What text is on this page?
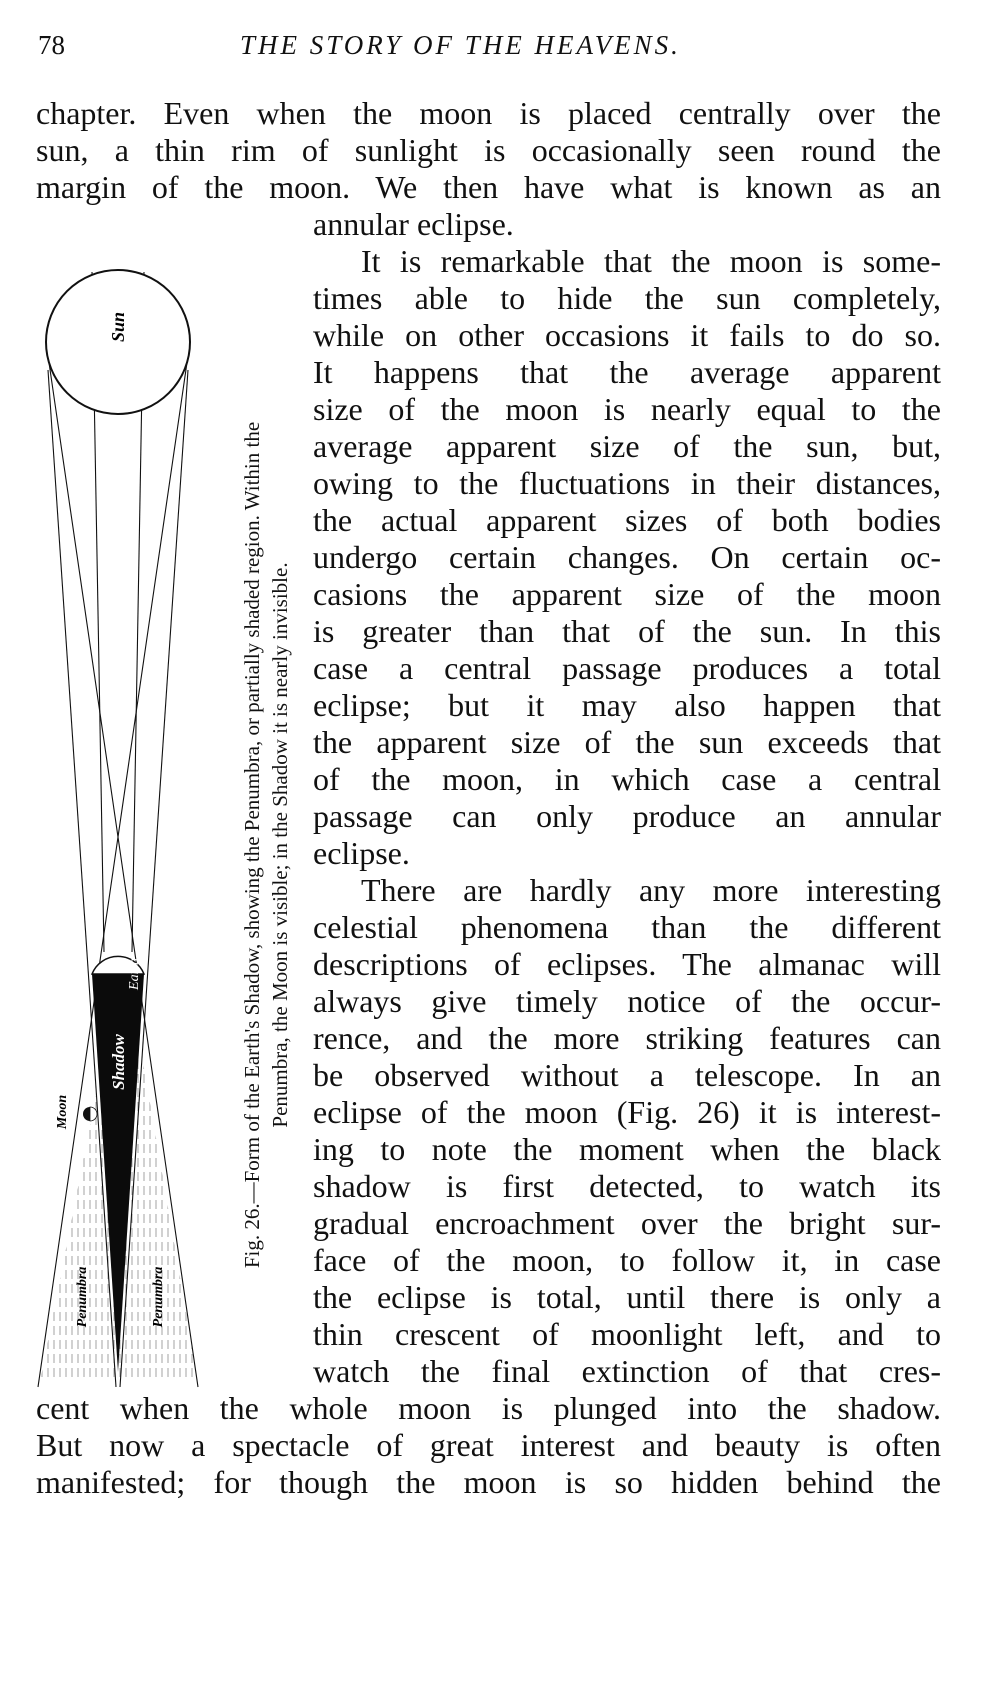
78	THE STORY OF THE HEAVENS.
chapter. Even when the moon is placed centrally over the
sun, a thin rim of sunlight is occasionally seen round the
margin of the moon. We then have what is known as an
annular eclipse.
It is remarkable that the moon is some-
times able to hide the sun completely,
while on other occasions it fails to do so.
It happens that the average apparent
size of the moon is nearly equal to the
average apparent size of the sun, but,
owing to the fluctuations in their distances,
the actual apparent sizes of both bodies
undergo certain changes. On certain oc-
casions the apparent size of the moon
is greater than that of the sun. In this
case a central passage produces a total
eclipse; but it may also happen that
the apparent size of the sun exceeds that
of the moon, in which case a central
passage can only produce an annular
eclipse.
There are hardly any more interesting
celestial phenomena than the different
descriptions of eclipses. The almanac will
always give timely notice of the occur-
rence, and the more striking features can
be observed without a telescope. In an
eclipse of the moon (Fig. 26) it is interest-
ing to note the moment when the black
shadow is first detected, to watch its
gradual encroachment over the bright sur-
face of the moon, to follow it, in case
the eclipse is total, until there is only a
thin crescent of moonlight left, and to
watch the final extinction of that cres-
cent when the whole moon is plunged into the shadow.
But now a spectacle of great interest and beauty is often
manifested; for though the moon is so hidden behind the
Sun
Earth
Shadow
Moon
Penumbra	Penumbra
Fig. 26.—Form of the Earth's Shadow, showing the Penumbra, or partially shaded region. Within the Penumbra, the Moon is visible; in the Shadow it is nearly invisible.
